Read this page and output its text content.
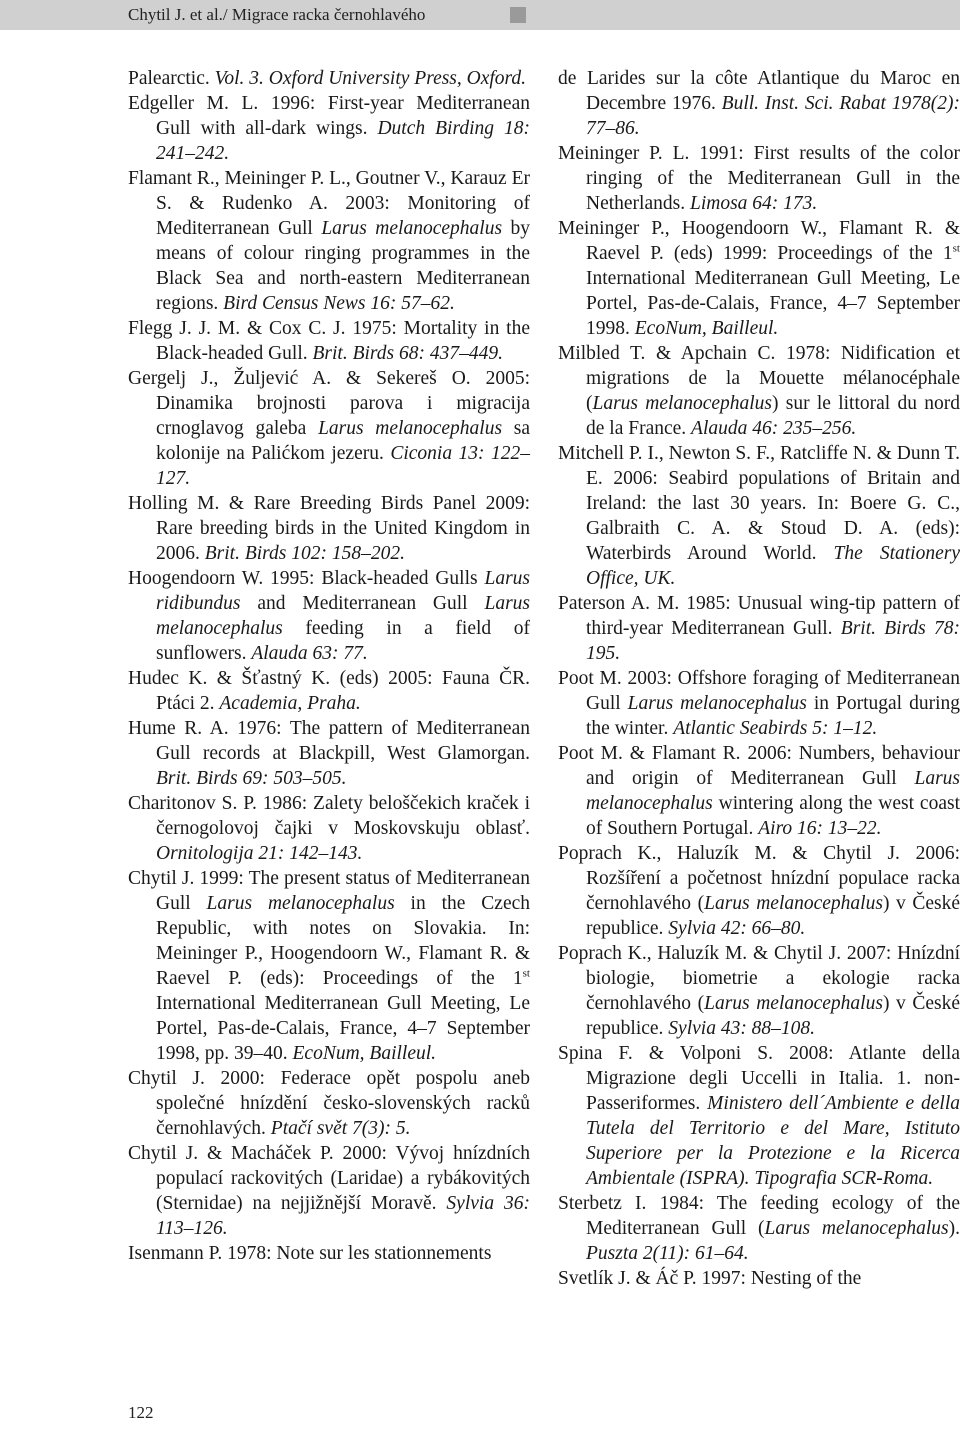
Chytil J. et al./ Migrace racka černohlavého

Palearctic. Vol. 3. Oxford University Press, Oxford.

Edgeller M. L. 1996: First-year Mediterranean Gull with all-dark wings. Dutch Birding 18: 241–242.

Flamant R., Meininger P. L., Goutner V., Karauz Er S. & Rudenko A. 2003: Monitoring of Mediterranean Gull Larus melanocephalus by means of colour ringing programmes in the Black Sea and north-eastern Mediterranean regions. Bird Census News 16: 57–62.

Flegg J. J. M. & Cox C. J. 1975: Mortality in the Black-headed Gull. Brit. Birds 68: 437–449.

Gergelj J., Žuljević A. & Sekereš O. 2005: Dinamika brojnosti parova i migracija crnoglavog galeba Larus melanocephalus sa kolonije na Palićkom jezeru. Ciconia 13: 122–127.

Holling M. & Rare Breeding Birds Panel 2009: Rare breeding birds in the United Kingdom in 2006. Brit. Birds 102: 158–202.

Hoogendoorn W. 1995: Black-headed Gulls Larus ridibundus and Mediterranean Gull Larus melanocephalus feeding in a field of sunflowers. Alauda 63: 77.

Hudec K. & Šťastný K. (eds) 2005: Fauna ČR. Ptáci 2. Academia, Praha.

Hume R. A. 1976: The pattern of Mediterranean Gull records at Blackpill, West Glamorgan. Brit. Birds 69: 503–505.

Charitonov S. P. 1986: Zalety beloščekich kraček i černogolovoj čajki v Moskovskuju oblasť. Ornitologija 21: 142–143.

Chytil J. 1999: The present status of Mediterranean Gull Larus melanocephalus in the Czech Republic, with notes on Slovakia. In: Meininger P., Hoogendoorn W., Flamant R. & Raevel P. (eds): Proceedings of the 1st International Mediterranean Gull Meeting, Le Portel, Pas-de-Calais, France, 4–7 September 1998, pp. 39–40. EcoNum, Bailleul.

Chytil J. 2000: Federace opět pospolu aneb společné hnízdění česko-slovenských racků černohlavých. Ptačí svět 7(3): 5.

Chytil J. & Macháček P. 2000: Vývoj hnízdních populací rackovitých (Laridae) a rybákovitých (Sternidae) na nejjižnější Moravě. Sylvia 36: 113–126.

Isenmann P. 1978: Note sur les stationnements

de Larides sur la côte Atlantique du Maroc en Decembre 1976. Bull. Inst. Sci. Rabat 1978(2): 77–86.

Meininger P. L. 1991: First results of the color ringing of the Mediterranean Gull in the Netherlands. Limosa 64: 173.

Meininger P., Hoogendoorn W., Flamant R. & Raevel P. (eds) 1999: Proceedings of the 1st International Mediterranean Gull Meeting, Le Portel, Pas-de-Calais, France, 4–7 September 1998. EcoNum, Bailleul.

Milbled T. & Apchain C. 1978: Nidification et migrations de la Mouette mélanocéphale (Larus melanocephalus) sur le littoral du nord de la France. Alauda 46: 235–256.

Mitchell P. I., Newton S. F., Ratcliffe N. & Dunn T. E. 2006: Seabird populations of Britain and Ireland: the last 30 years. In: Boere G. C., Galbraith C. A. & Stoud D. A. (eds): Waterbirds Around World. The Stationery Office, UK.

Paterson A. M. 1985: Unusual wing-tip pattern of third-year Mediterranean Gull. Brit. Birds 78: 195.

Poot M. 2003: Offshore foraging of Mediterranean Gull Larus melanocephalus in Portugal during the winter. Atlantic Seabirds 5: 1–12.

Poot M. & Flamant R. 2006: Numbers, behaviour and origin of Mediterranean Gull Larus melanocephalus wintering along the west coast of Southern Portugal. Airo 16: 13–22.

Poprach K., Haluzík M. & Chytil J. 2006: Rozšíření a početnost hnízdní populace racka černohlavého (Larus melanocephalus) v České republice. Sylvia 42: 66–80.

Poprach K., Haluzík M. & Chytil J. 2007: Hnízdní biologie, biometrie a ekologie racka černohlavého (Larus melanocephalus) v České republice. Sylvia 43: 88–108.

Spina F. & Volponi S. 2008: Atlante della Migrazione degli Uccelli in Italia. 1. non-Passeriformes. Ministero dell´Ambiente e della Tutela del Territorio e del Mare, Istituto Superiore per la Protezione e la Ricerca Ambientale (ISPRA). Tipografia SCR-Roma.

Sterbetz I. 1984: The feeding ecology of the Mediterranean Gull (Larus melanocephalus). Puszta 2(11): 61–64.

Svetlík J. & Áč P. 1997: Nesting of the

122
